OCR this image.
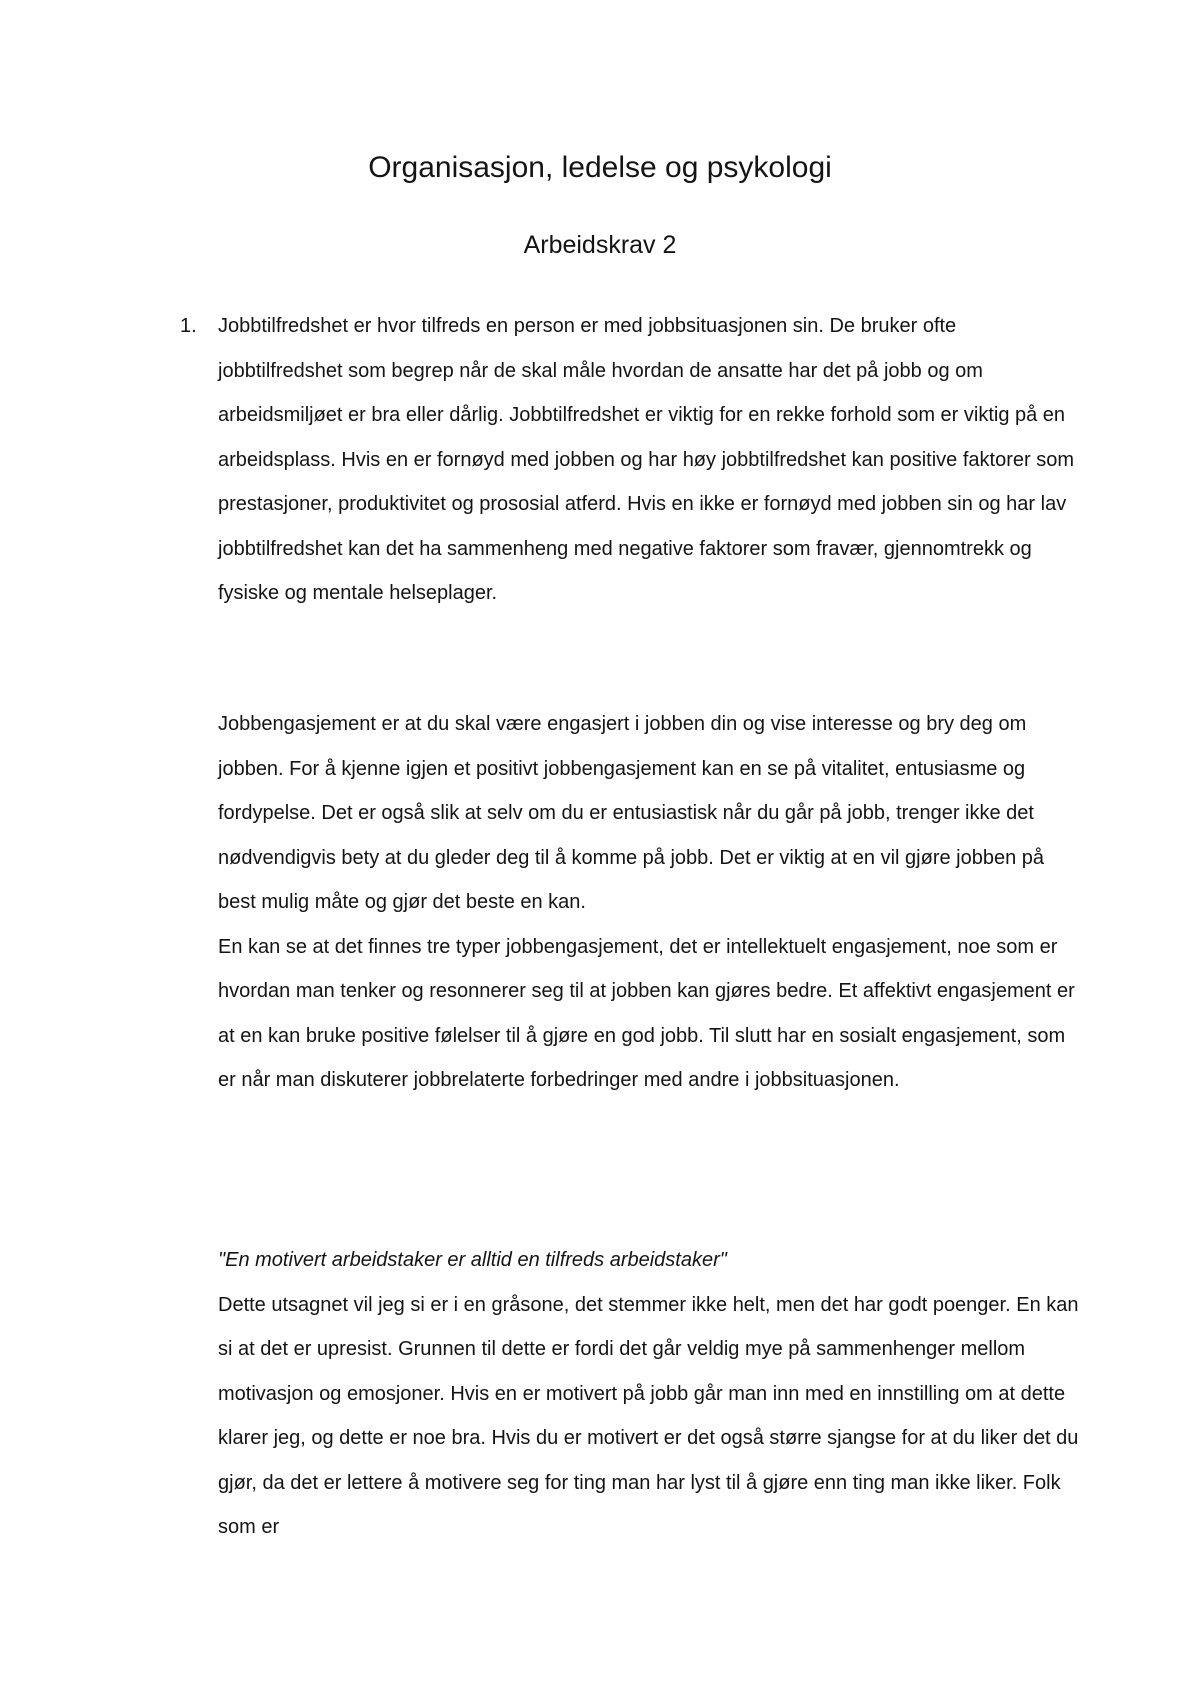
Organisasjon, ledelse og psykologi
Arbeidskrav 2
1. Jobbtilfredshet er hvor tilfreds en person er med jobbsituasjonen sin. De bruker ofte jobbtilfredshet som begrep når de skal måle hvordan de ansatte har det på jobb og om arbeidsmiljøet er bra eller dårlig. Jobbtilfredshet er viktig for en rekke forhold som er viktig på en arbeidsplass. Hvis en er fornøyd med jobben og har høy jobbtilfredshet kan positive faktorer som prestasjoner, produktivitet og prososial atferd. Hvis en ikke er fornøyd med jobben sin og har lav jobbtilfredshet kan det ha sammenheng med negative faktorer som fravær, gjennomtrekk og fysiske og mentale helseplager.

Jobbengasjement er at du skal være engasjert i jobben din og vise interesse og bry deg om jobben. For å kjenne igjen et positivt jobbengasjement kan en se på vitalitet, entusiasme og fordypelse. Det er også slik at selv om du er entusiastisk når du går på jobb, trenger ikke det nødvendigvis bety at du gleder deg til å komme på jobb. Det er viktig at en vil gjøre jobben på best mulig måte og gjør det beste en kan.

En kan se at det finnes tre typer jobbengasjement, det er intellektuelt engasjement, noe som er hvordan man tenker og resonnerer seg til at jobben kan gjøres bedre. Et affektivt engasjement er at en kan bruke positive følelser til å gjøre en god jobb. Til slutt har en sosialt engasjement, som er når man diskuterer jobbrelaterte forbedringer med andre i jobbsituasjonen.

"En motivert arbeidstaker er alltid en tilfreds arbeidstaker"

Dette utsagnet vil jeg si er i en gråsone, det stemmer ikke helt, men det har godt poenger. En kan si at det er upresist. Grunnen til dette er fordi det går veldig mye på sammenhenger mellom motivasjon og emosjoner. Hvis en er motivert på jobb går man inn med en innstilling om at dette klarer jeg, og dette er noe bra. Hvis du er motivert er det også større sjangse for at du liker det du gjør, da det er lettere å motivere seg for ting man har lyst til å gjøre enn ting man ikke liker. Folk som er
